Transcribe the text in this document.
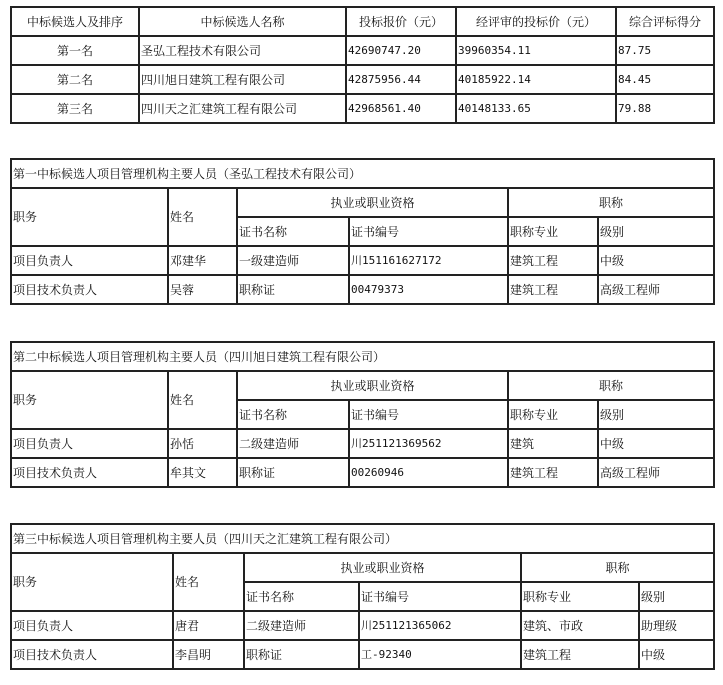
中标候选人及排序	中标候选人名称	投标报价（元）	经评审的投标价（元）	综合评标得分
第一名	圣弘工程技术有限公司	42690747.20	39960354.11	87.75
第二名	四川旭日建筑工程有限公司	42875956.44	40185922.14	84.45
第三名	四川天之汇建筑工程有限公司	42968561.40	40148133.65	79.88
第一中标候选人项目管理机构主要人员（圣弘工程技术有限公司）					
职务	姓名	执业或职业资格		职称	
		证书名称	证书编号	职称专业	级别
项目负责人	邓建华	一级建造师	川151161627172	建筑工程	中级
项目技术负责人	吴蓉	职称证	00479373	建筑工程	高级工程师
第二中标候选人项目管理机构主要人员（四川旭日建筑工程有限公司）					
职务	姓名	执业或职业资格		职称	
		证书名称	证书编号	职称专业	级别
项目负责人	孙恬	二级建造师	川251121369562	建筑	中级
项目技术负责人	牟其文	职称证	00260946	建筑工程	高级工程师
第三中标候选人项目管理机构主要人员（四川天之汇建筑工程有限公司）					
职务	姓名	执业或职业资格		职称	
		证书名称	证书编号	职称专业	级别
项目负责人	唐君	二级建造师	川251121365062	建筑、市政	助理级
项目技术负责人	李昌明	职称证	工-92340	建筑工程	中级
